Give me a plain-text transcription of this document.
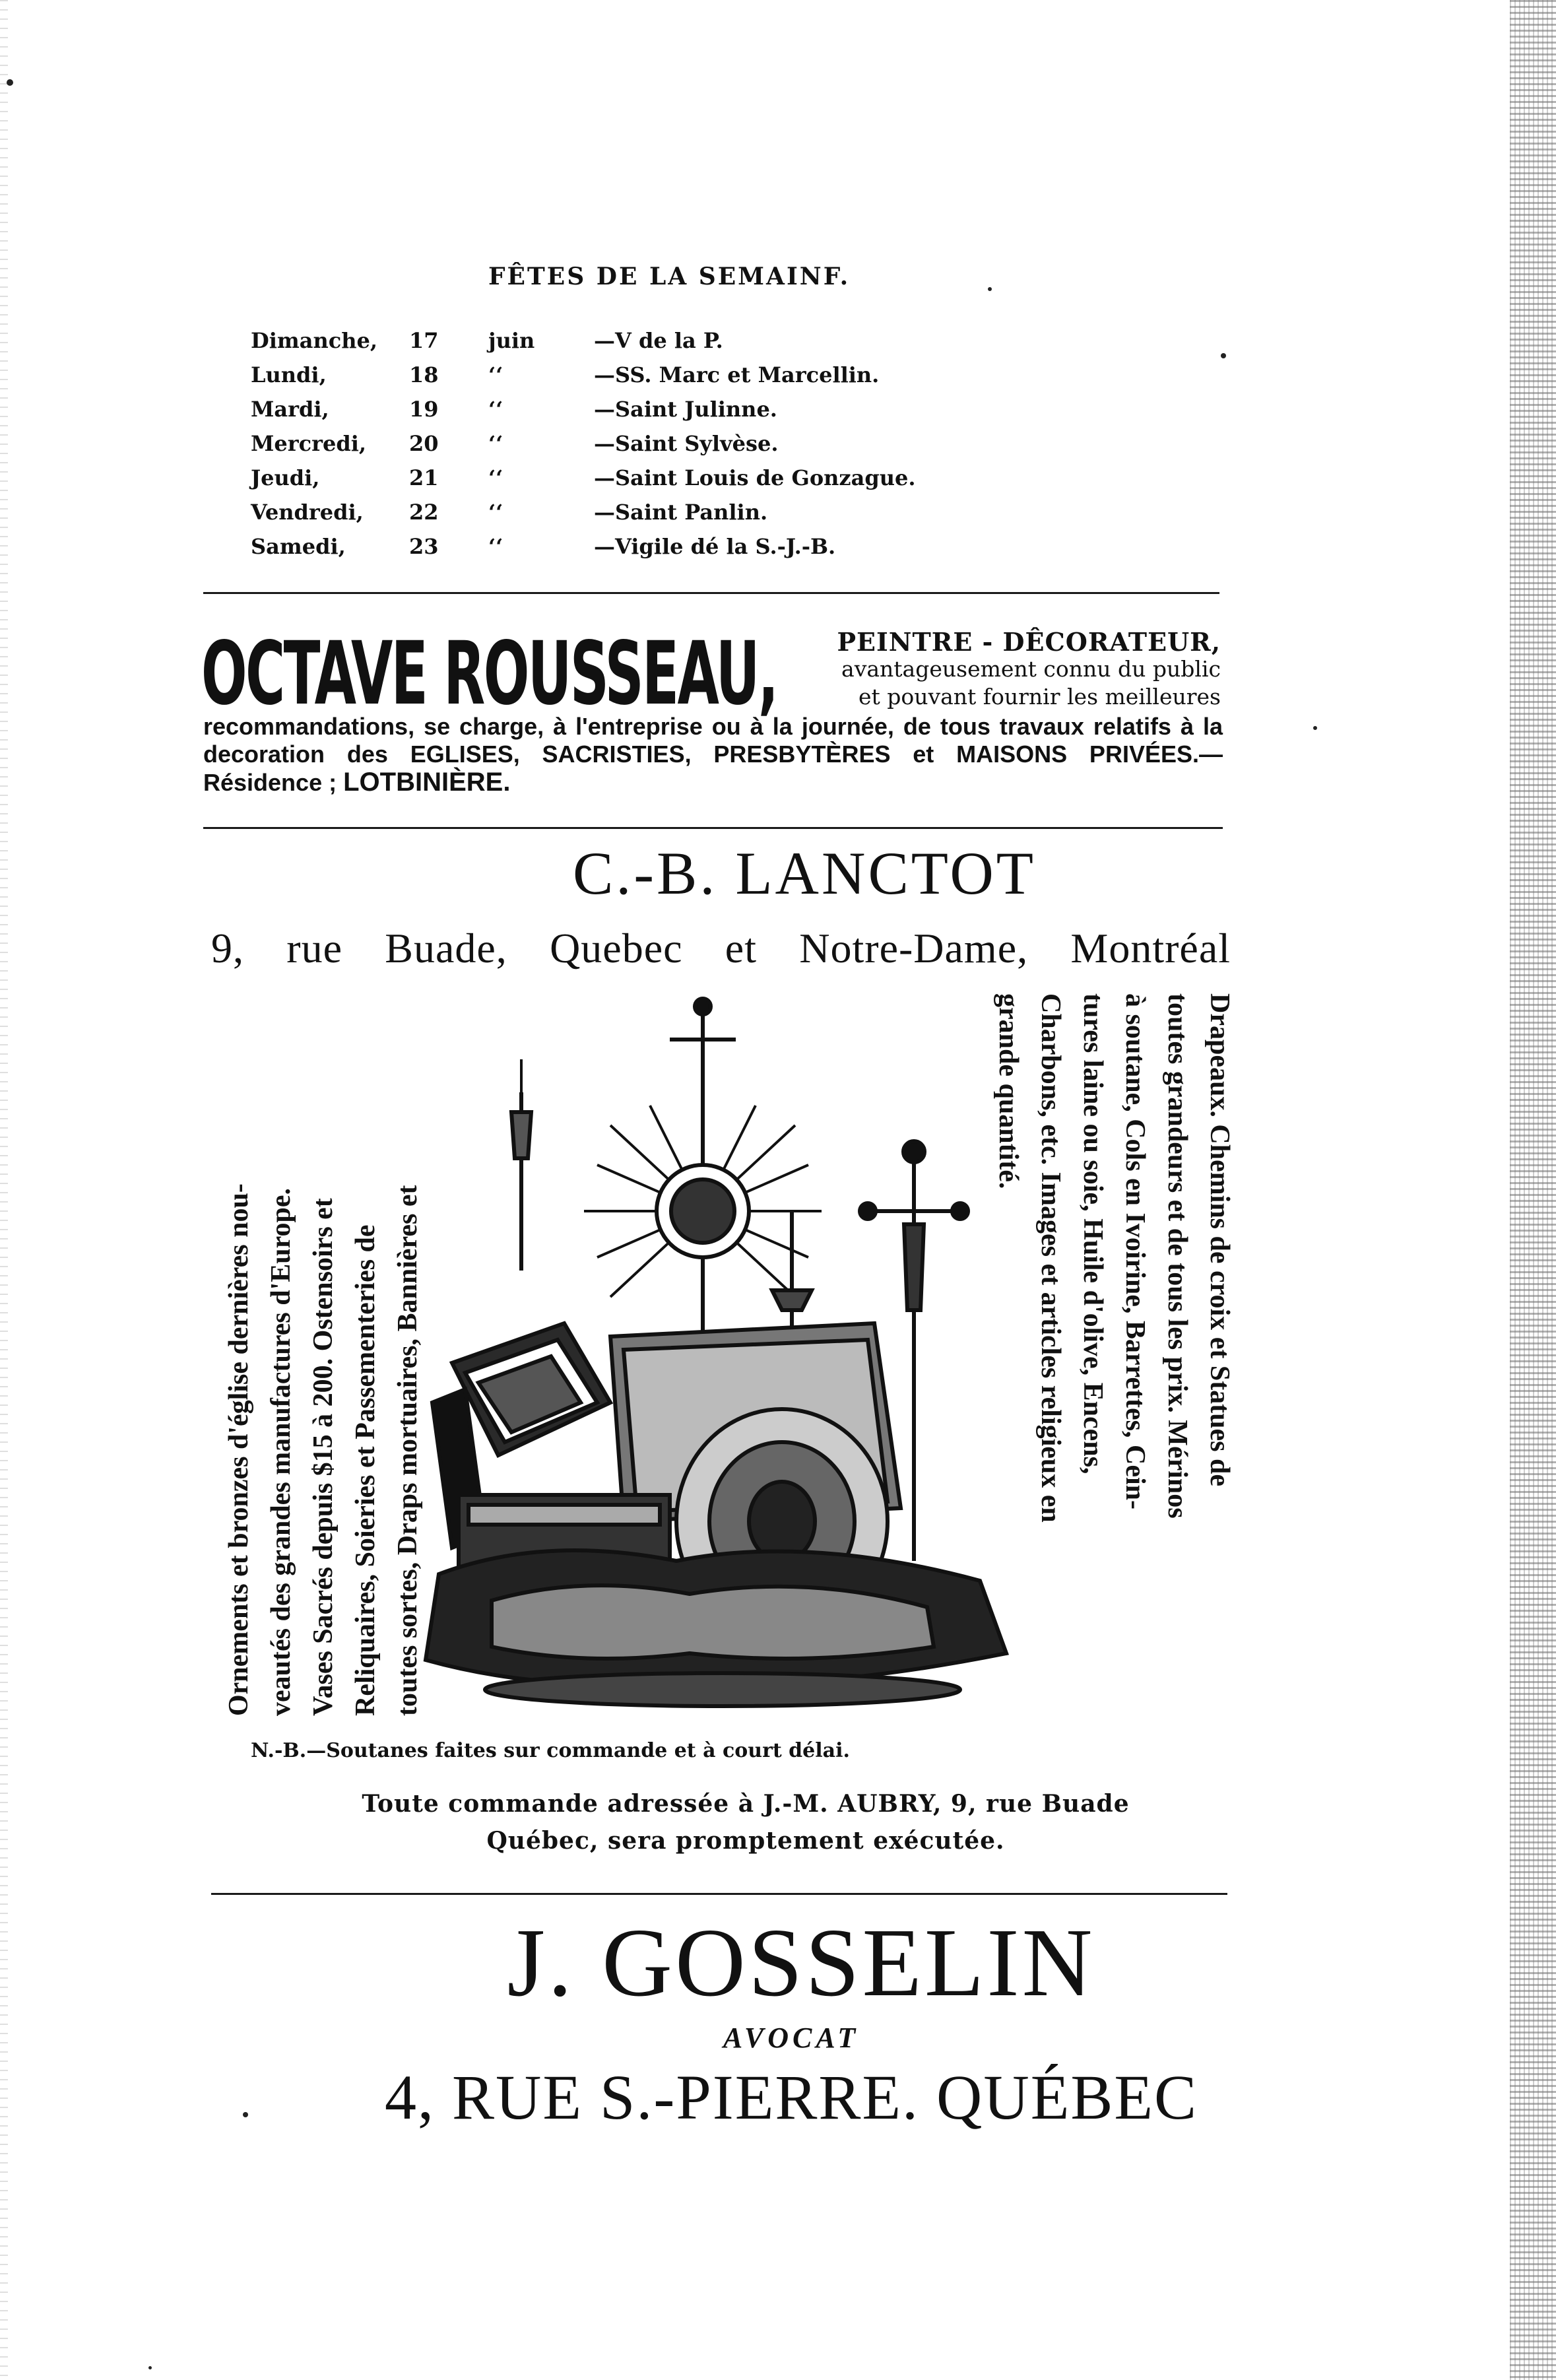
FÊTES DE LA SEMAINF.
Dimanche,	17	juin	—V de la P.
Lundi,	18	‘‘	—SS. Marc et Marcellin.
Mardi,	19	‘‘	—Saint Julinne.
Mercredi,	20	‘‘	—Saint Sylvèse.
Jeudi,	21	‘‘	—Saint Louis de Gonzague.
Vendredi,	22	‘‘	—Saint Panlin.
Samedi,	23	‘‘	—Vigile dé la S.-J.-B.
OCTAVE ROUSSEAU,	PEINTRE - DÊCORATEUR,
avantageusement connu du public
et pouvant fournir les meilleures
recommandations, se charge, à l'entreprise ou à la journée, de tous travaux relatifs à la decoration des EGLISES, SACRISTIES, PRESBYTÈRES et MAISONS PRIVÉES.—Résidence ; LOTBINIÈRE.
C.-B. LANCTOT
9, rue Buade, Quebec et Notre-Dame, Montréal
Ornements et bronzes d'église dernières nou- veautés des grandes manufactures d'Europe. Vases Sacrés depuis $15 à 200. Ostensoirs et Reliquaires, Soieries et Passementeries de toutes sortes, Draps mortuaires, Bannières et	Drapeaux. Chemins de croix et Statues de
toutes grandeurs et de tous les prix. Mérinos
à soutane, Cols en Ivoirine, Barrettes, Cein-
tures laine ou soie, Huile d'olive, Encens,
Charbons, etc. Images et articles religieux en
grande quantité.
N.-B.—Soutanes faites sur commande et à court délai.
Toute commande adressée à J.-M. AUBRY, 9, rue Buade
Québec, sera promptement exécutée.
J. GOSSELIN
AVOCAT
4, RUE S.-PIERRE. QUÉBEC
